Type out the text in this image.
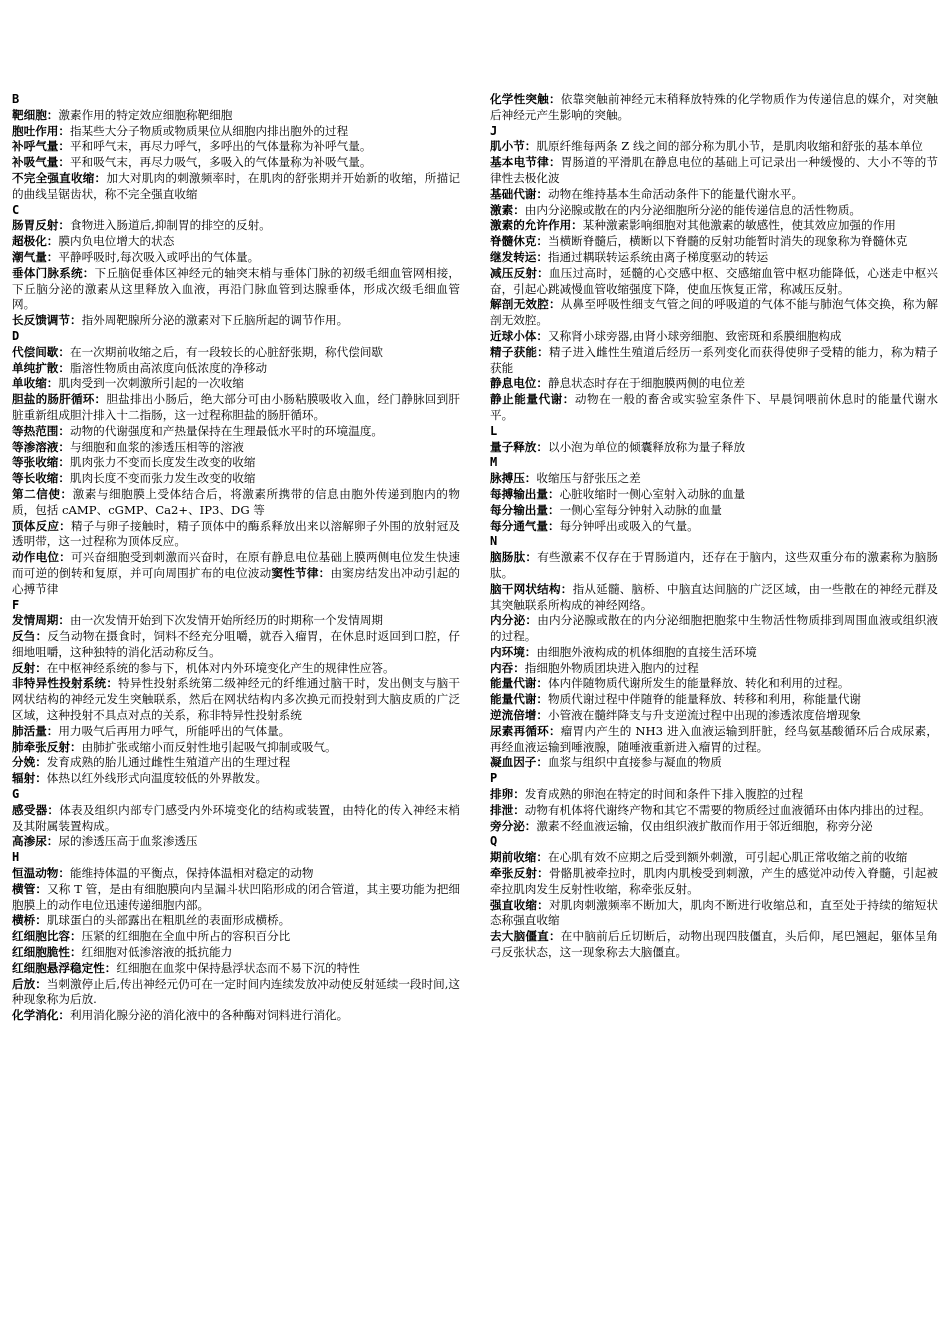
B
靶细胞：激素作用的特定效应细胞称靶细胞
胞吐作用：指某些大分子物质或物质果位从细胞内排出胞外的过程
补呼气量：平和呼气末，再尽力呼气，多呼出的气体量称为补呼气量。
补吸气量：平和吸气末，再尽力吸气，多吸入的气体量称为补吸气量。
不完全强直收缩：加大对肌肉的刺激频率时，在肌肉的舒张期并开始新的收缩，所描记的曲线呈锯齿状，称不完全强直收缩
C
肠胃反射：食物进入肠道后,抑制胃的排空的反射。
超极化：膜内负电位增大的状态
潮气量：平静呼吸时,每次吸入或呼出的气体量。
垂体门脉系统：下丘脑促垂体区神经元的轴突末梢与垂体门脉的初级毛细血管网相接，下丘脑分泌的激素从这里释放入血液，再沿门脉血管到达腺垂体，形成次级毛细血管网。
长反馈调节：指外周靶腺所分泌的激素对下丘脑所起的调节作用。
D
代偿间歇：在一次期前收缩之后，有一段较长的心脏舒张期，称代偿间歇
单纯扩散：脂溶性物质由高浓度向低浓度的净移动
单收缩：肌肉受到一次刺激所引起的一次收缩
胆盐的肠肝循环：胆盐排出小肠后，绝大部分可由小肠粘膜吸收入血，经门静脉回到肝脏重新组成胆汁排入十二指肠，这一过程称胆盐的肠肝循环。
等热范围：动物的代谢强度和产热量保持在生理最低水平时的环境温度。
等渗溶液：与细胞和血浆的渗透压相等的溶液
等张收缩：肌肉张力不变而长度发生改变的收缩
等长收缩：肌肉长度不变而张力发生改变的收缩
第二信使：激素与细胞膜上受体结合后，将激素所携带的信息由胞外传递到胞内的物质，包括 cAMP、cGMP、Ca2+、IP3、DG 等
顶体反应：精子与卵子接触时，精子顶体中的酶系释放出来以溶解卵子外围的放射冠及透明带，这一过程称为顶体反应。
动作电位：可兴奋细胞受到刺激而兴奋时，在原有静息电位基础上膜两侧电位发生快速而可逆的倒转和复原，并可向周围扩布的电位波动窦性节律：由窦房结发出冲动引起的心搏节律
F
发情周期：由一次发情开始到下次发情开始所经历的时期称一个发情周期
反刍：反刍动物在摄食时，饲料不经充分咀嚼，就吞入瘤胃，在休息时返回到口腔，仔细地咀嚼，这种独特的消化活动称反刍。
反射：在中枢神经系统的参与下，机体对内外环境变化产生的规律性应答。
非特异性投射系统：特异性投射系统第二级神经元的纤维通过脑干时，发出侧支与脑干网状结构的神经元发生突触联系，然后在网状结构内多次换元而投射到大脑皮质的广泛区域，这种投射不具点对点的关系，称非特异性投射系统
肺活量：用力吸气后再用力呼气，所能呼出的气体量。
肺牵张反射：由肺扩张或缩小而反射性地引起吸气抑制或吸气。
分娩：发育成熟的胎儿通过雌性生殖道产出的生理过程
辐射：体热以红外线形式向温度较低的外界散发。
G
感受器：体表及组织内部专门感受内外环境变化的结构或装置，由特化的传入神经末梢及其附属装置构成。
高渗尿：尿的渗透压高于血浆渗透压
H
恒温动物：能维持体温的平衡点，保持体温相对稳定的动物
横管：又称 T 管，是由有细胞膜向内呈漏斗状凹陷形成的闭合管道，其主要功能为把细胞膜上的动作电位迅速传递细胞内部。
横桥：肌球蛋白的头部露出在粗肌丝的表面形成横桥。
红细胞比容：压紧的红细胞在全血中所占的容积百分比
红细胞脆性：红细胞对低渗溶液的抵抗能力
红细胞悬浮稳定性：红细胞在血浆中保持悬浮状态而不易下沉的特性
后放：当刺激停止后,传出神经元仍可在一定时间内连续发放冲动使反射延续一段时间,这种现象称为后放.
化学消化：利用消化腺分泌的消化液中的各种酶对饲料进行消化。
化学性突触：依靠突触前神经元末稍释放特殊的化学物质作为传递信息的媒介，对突触后神经元产生影响的突触。
J
肌小节：肌原纤维每两条 Z 线之间的部分称为肌小节，是肌肉收缩和舒张的基本单位
基本电节律：胃肠道的平滑肌在静息电位的基础上可记录出一种缓慢的、大小不等的节律性去极化波
基础代谢：动物在维持基本生命活动条件下的能量代谢水平。
激素：由内分泌腺或散在的内分泌细胞所分泌的能传递信息的活性物质。
激素的允许作用：某种激素影响细胞对其他激素的敏感性，使其效应加强的作用
脊髓休克：当横断脊髓后，横断以下脊髓的反射功能暂时消失的现象称为脊髓休克
继发转运：指通过耦联转运系统由离子梯度驱动的转运
减压反射：血压过高时，延髓的心交感中枢、交感缩血管中枢功能降低，心迷走中枢兴奋，引起心跳减慢血管收缩强度下降，使血压恢复正常，称减压反射。
解剖无效腔：从鼻至呼吸性细支气管之间的呼吸道的气体不能与肺泡气体交换，称为解剖无效腔。
近球小体：又称肾小球旁器,由肾小球旁细胞、致密斑和系膜细胞构成
精子获能：精子进入雌性生殖道后经历一系列变化而获得使卵子受精的能力，称为精子获能
静息电位：静息状态时存在于细胞膜两侧的电位差
静止能量代谢：动物在一般的畜舍或实验室条件下、早晨饲喂前休息时的能量代谢水平。
L
量子释放：以小泡为单位的倾囊释放称为量子释放
M
脉搏压：收缩压与舒张压之差
每搏输出量：心脏收缩时一侧心室射入动脉的血量
每分输出量：一侧心室每分钟射入动脉的血量
每分通气量：每分钟呼出或吸入的气量。
N
脑肠肽：有些激素不仅存在于胃肠道内，还存在于脑内，这些双重分布的激素称为脑肠肽。
脑干网状结构：指从延髓、脑桥、中脑直达间脑的广泛区域，由一些散在的神经元群及其突触联系所构成的神经网络。
内分泌：由内分泌腺或散在的内分泌细胞把胞浆中生物活性物质排到周围血液或组织液的过程。
内环境：由细胞外液构成的机体细胞的直接生活环境
内吞：指细胞外物质团块进入胞内的过程
能量代谢：体内伴随物质代谢所发生的能量释放、转化和利用的过程。
能量代谢：物质代谢过程中伴随脊的能量释放、转移和利用，称能量代谢
逆流倍增：小管液在髓绊降支与升支逆流过程中出现的渗透浓度倍增现象
尿素再循环：瘤胃内产生的 NH3 进入血液运输到肝脏，经鸟氨基酸循环后合成尿素，再经血液运输到唾液腺，随唾液重新进入瘤胃的过程。
凝血因子：血浆与组织中直接参与凝血的物质
P
排卵：发育成熟的卵泡在特定的时间和条件下排入腹腔的过程
排泄：动物有机体将代谢终产物和其它不需要的物质经过血液循环由体内排出的过程。
旁分泌：激素不经血液运输，仅由组织液扩散而作用于邻近细胞，称旁分泌
Q
期前收缩：在心肌有效不应期之后受到额外刺激，可引起心肌正常收缩之前的收缩
牵张反射：骨骼肌被牵拉时，肌肉内肌梭受到刺激，产生的感觉冲动传入脊髓，引起被牵拉肌肉发生反射性收缩，称牵张反射。
强直收缩：对肌肉刺激频率不断加大，肌肉不断进行收缩总和，直至处于持续的缩短状态称强直收缩
去大脑僵直：在中脑前后丘切断后，动物出现四肢僵直，头后仰，尾巴翘起，躯体呈角弓反张状态，这一现象称去大脑僵直。
